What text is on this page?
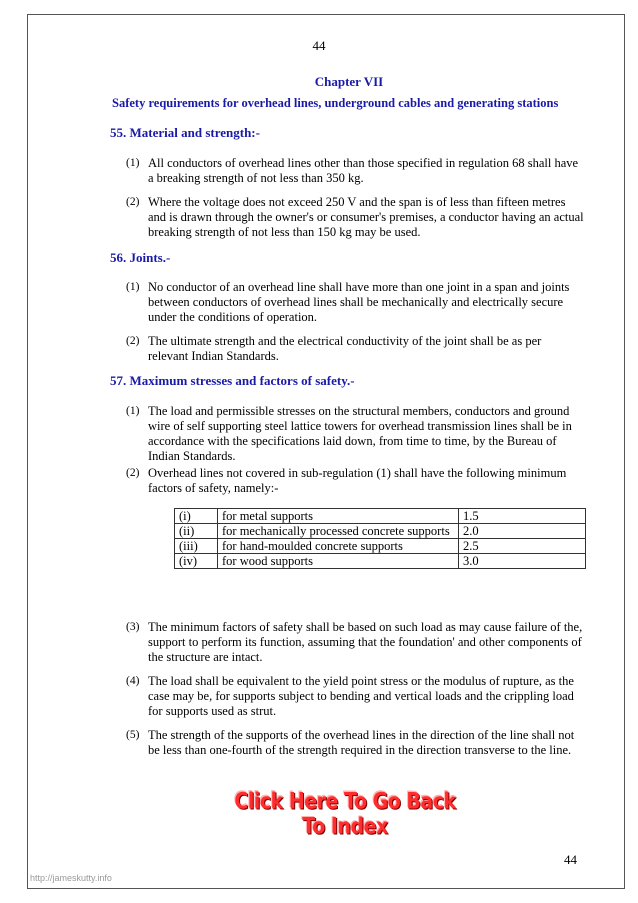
44
Chapter VII
Safety requirements for overhead lines, underground cables and generating stations
55. Material and strength:-
(1) All conductors of overhead lines other than those specified in regulation 68 shall have a breaking strength of not less than 350 kg.
(2) Where the voltage does not exceed 250 V and the span is of less than fifteen metres and is drawn through the owner's or consumer's premises, a conductor having an actual breaking strength of not less than 150 kg may be used.
56. Joints.-
(1) No conductor of an overhead line shall have more than one joint in a span and joints between conductors of overhead lines shall be mechanically and electrically secure under the conditions of operation.
(2) The ultimate strength and the electrical conductivity of the joint shall be as per relevant Indian Standards.
57. Maximum stresses and factors of safety.-
(1) The load and permissible stresses on the structural members, conductors and ground wire of self supporting steel lattice towers for overhead transmission lines shall be in accordance with the specifications laid down, from time to time, by the Bureau of Indian Standards.
(2) Overhead lines not covered in sub-regulation (1) shall have the following minimum factors of safety, namely:-
(i)	for metal supports	1.5
(ii)	for mechanically processed concrete supports	2.0
(iii)	for hand-moulded concrete supports	2.5
(iv)	for wood supports	3.0
(3) The minimum factors of safety shall be based on such load as may cause failure of the, support to perform its function, assuming that the foundation' and other components of the structure are intact.
(4) The load shall be equivalent to the yield point stress or the modulus of rupture, as the case may be, for supports subject to bending and vertical loads and the crippling load for supports used as strut.
(5) The strength of the supports of the overhead lines in the direction of the line shall not be less than one-fourth of the strength required in the direction transverse to the line.
Click Here To Go Back To Index
44
http://jameskutty.info
